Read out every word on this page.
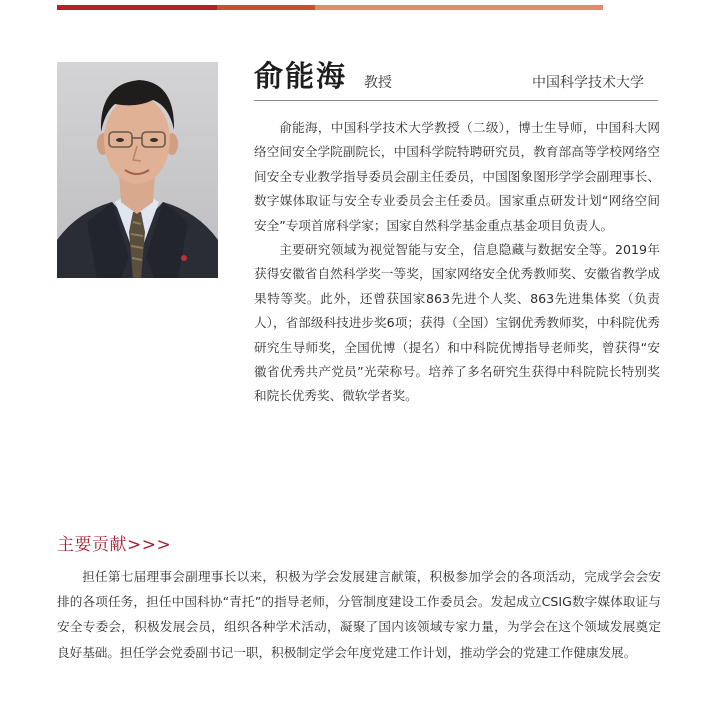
俞能海 教授	中国科学技术大学

俞能海，中国科学技术大学教授（二级），博士生导师，中国科大网络空间安全学院副院长，中国科学院特聘研究员，教育部高等学校网络空间安全专业教学指导委员会副主任委员，中国图象图形学学会副理事长、数字媒体取证与安全专业委员会主任委员。国家重点研发计划“网络空间安全”专项首席科学家；国家自然科学基金重点基金项目负责人。

主要研究领域为视觉智能与安全，信息隐藏与数据安全等。2019年获得安徽省自然科学奖一等奖，国家网络安全优秀教师奖、安徽省教学成果特等奖。此外，还曾获国家863先进个人奖、863先进集体奖（负责人），省部级科技进步奖6项；获得（全国）宝钢优秀教师奖，中科院优秀研究生导师奖，全国优博（提名）和中科院优博指导老师奖，曾获得“安徽省优秀共产党员”光荣称号。培养了多名研究生获得中科院院长特别奖和院长优秀奖、微软学者奖。

主要贡献>>>

担任第七届理事会副理事长以来，积极为学会发展建言献策，积极参加学会的各项活动，完成学会会安排的各项任务，担任中国科协“青托”的指导老师，分管制度建设工作委员会。发起成立CSIG数字媒体取证与安全专委会，积极发展会员，组织各种学术活动，凝聚了国内该领域专家力量，为学会在这个领域发展奠定良好基础。担任学会党委副书记一职，积极制定学会年度党建工作计划，推动学会的党建工作健康发展。
